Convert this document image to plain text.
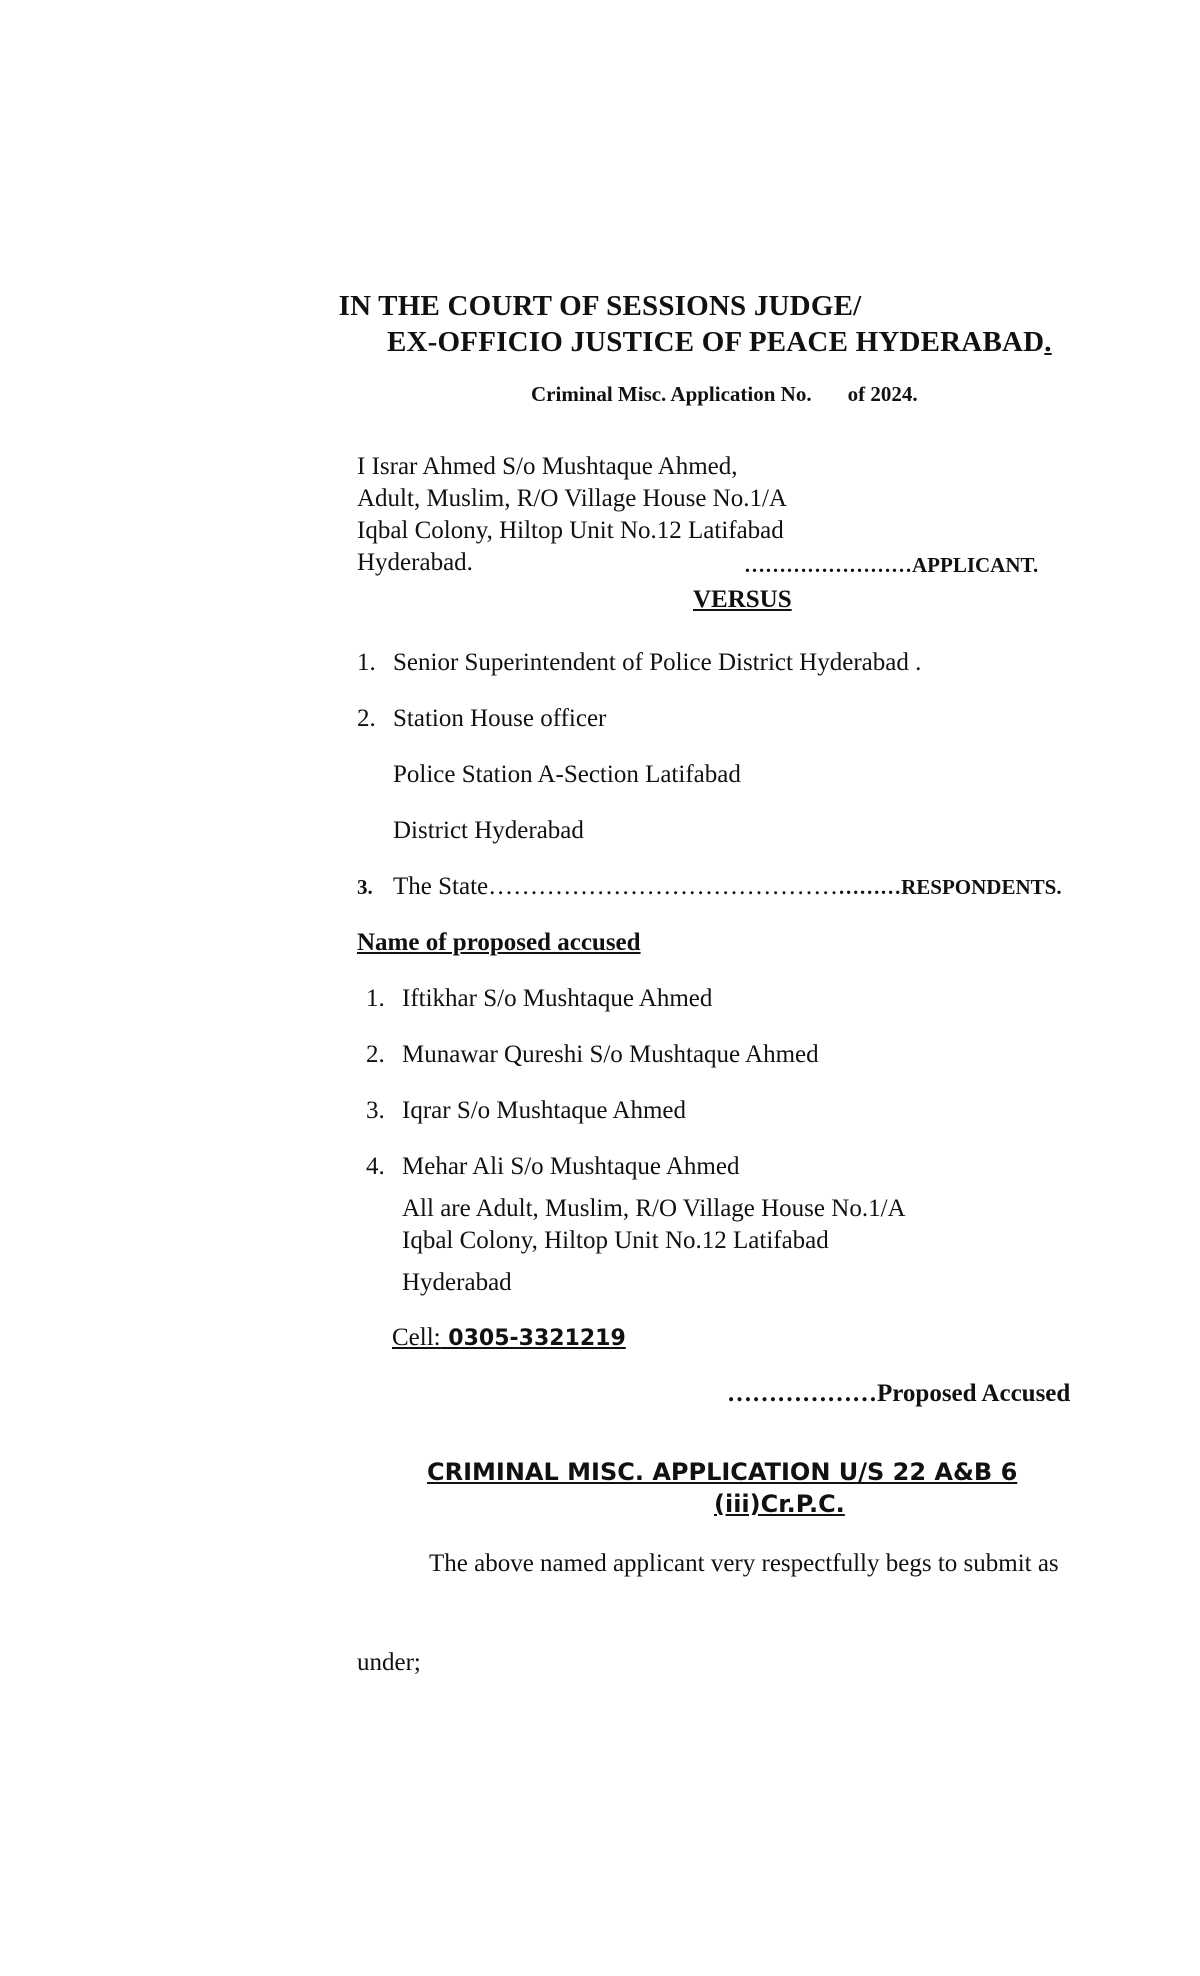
IN THE COURT OF SESSIONS JUDGE/
EX-OFFICIO JUSTICE OF PEACE HYDERABAD.
Criminal Misc. Application No. of 2024.
I Israr Ahmed S/o Mushtaque Ahmed,
Adult, Muslim, R/O Village House No.1/A
Iqbal Colony, Hiltop Unit No.12 Latifabad
Hyderabad.	……………………APPLICANT.
VERSUS
1. Senior Superintendent of Police District Hyderabad .
2. Station House officer
Police Station A-Section Latifabad
District Hyderabad
3. The State……………………………………………RESPONDENTS.
Name of proposed accused
1. Iftikhar S/o Mushtaque Ahmed
2. Munawar Qureshi S/o Mushtaque Ahmed
3. Iqrar S/o Mushtaque Ahmed
4. Mehar Ali S/o Mushtaque Ahmed
All are Adult, Muslim, R/O Village House No.1/A
Iqbal Colony, Hiltop Unit No.12 Latifabad
Hyderabad
Cell: 0305-3321219
………………Proposed Accused
CRIMINAL MISC. APPLICATION U/S 22 A&B 6
(iii)Cr.P.C.
The above named applicant very respectfully begs to submit as
under;
